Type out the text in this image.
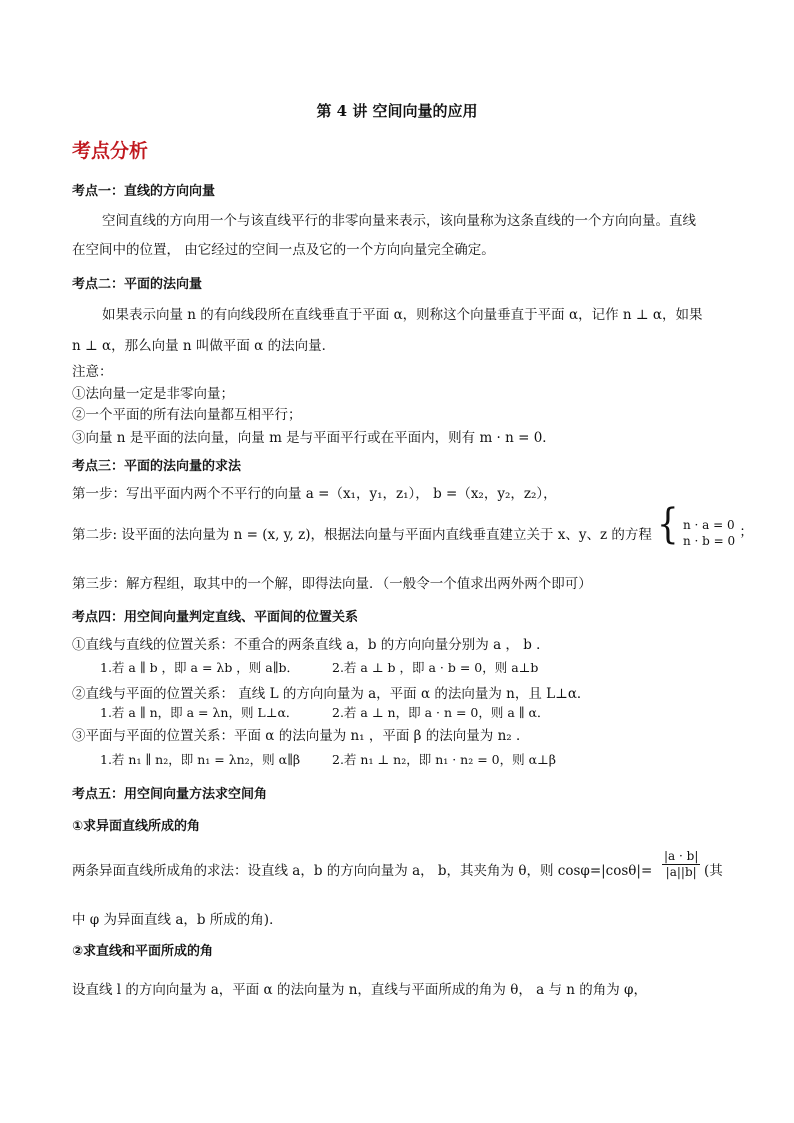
第 4 讲 空间向量的应用
考点分析
考点一：直线的方向向量
空间直线的方向用一个与该直线平行的非零向量来表示，该向量称为这条直线的一个方向向量。直线
在空间中的位置， 由它经过的空间一点及它的一个方向向量完全确定。
考点二：平面的法向量
如果表示向量 n 的有向线段所在直线垂直于平面 α，则称这个向量垂直于平面 α，记作 n ⊥ α，如果
n ⊥ α，那么向量 n 叫做平面 α 的法向量．
注意：
①法向量一定是非零向量；
②一个平面的所有法向量都互相平行；
③向量 n 是平面的法向量，向量 m 是与平面平行或在平面内，则有 m · n = 0．
考点三：平面的法向量的求法
第一步：写出平面内两个不平行的向量 a =（x₁，y₁，z₁）， b =（x₂，y₂，z₂），
第二步: 设平面的法向量为 n = (x, y, z)，根据法向量与平面内直线垂直建立关于 x、y、z 的方程 { n · a = 0
n · b = 0
；
第三步：解方程组，取其中的一个解，即得法向量．（一般令一个值求出两外两个即可）
考点四：用空间向量判定直线、平面间的位置关系
①直线与直线的位置关系：不重合的两条直线 a，b 的方向向量分别为 a ， b ．
1.若 a ∥ b ，即 a = λb ，则 a∥b．	2.若 a ⊥ b ，即 a · b = 0，则 a⊥b
②直线与平面的位置关系： 直线 L 的方向向量为 a，平面 α 的法向量为 n，且 L⊥α．
1.若 a ∥ n，即 a = λn，则 L⊥α．	2.若 a ⊥ n，即 a · n = 0，则 a ∥ α．
③平面与平面的位置关系：平面 α 的法向量为 n₁ ，平面 β 的法向量为 n₂ ．
1.若 n₁ ∥ n₂，即 n₁ = λn₂，则 α∥β	2.若 n₁ ⊥ n₂，即 n₁ · n₂ = 0，则 α⊥β
考点五：用空间向量方法求空间角
①求异面直线所成的角
两条异面直线所成角的求法：设直线 a，b 的方向向量为 a， b，其夹角为 θ，则 $\cos\varphi=|\cos\theta|= \frac{|a \cdot b|}{|a||b|}$ (其
中 φ 为异面直线 a，b 所成的角)．
②求直线和平面所成的角
设直线 l 的方向向量为 a，平面 α 的法向量为 n，直线与平面所成的角为 θ， a 与 n 的角为 φ，
